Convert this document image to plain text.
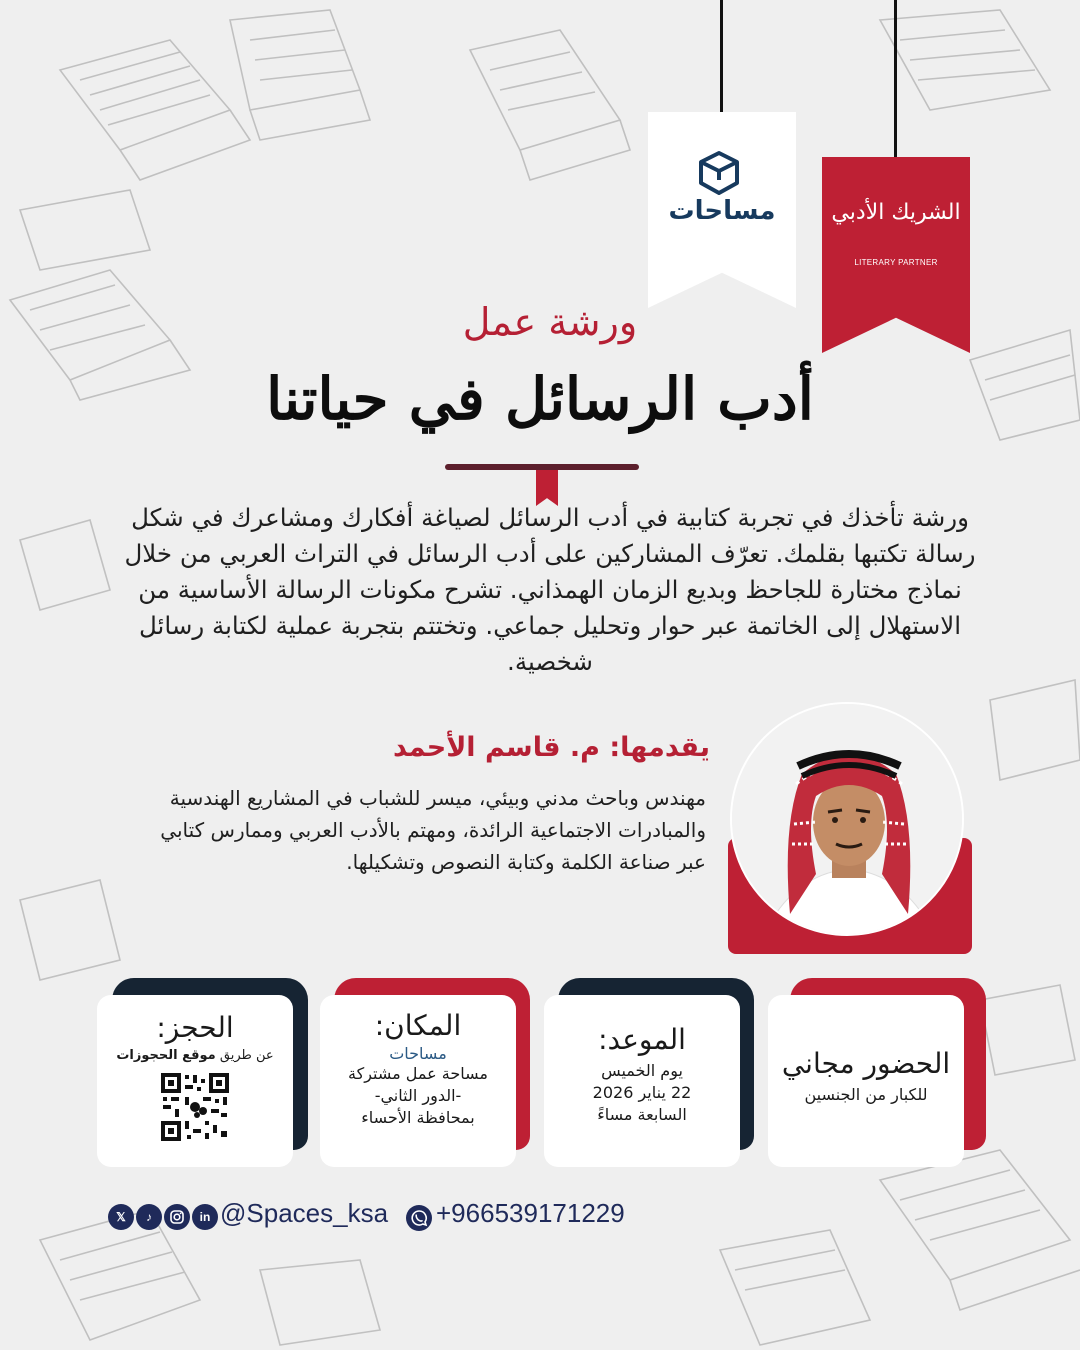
مساحات	الشريك الأدبي
LITERARY PARTNER
ورشة عمل
أدب الرسائل في حياتنا
ورشة تأخذك في تجربة كتابية في أدب الرسائل لصياغة أفكارك ومشاعرك في شكل رسالة تكتبها بقلمك. تعرّف المشاركين على أدب الرسائل في التراث العربي من خلال نماذج مختارة للجاحظ وبديع الزمان الهمذاني. تشرح مكونات الرسالة الأساسية من الاستهلال إلى الخاتمة عبر حوار وتحليل جماعي. وتختتم بتجربة عملية لكتابة رسائل شخصية.
يقدمها: م. قاسم الأحمد
مهندس وباحث مدني وبيئي، ميسر للشباب في المشاريع الهندسية والمبادرات الاجتماعية الرائدة، ومهتم بالأدب العربي وممارس كتابي عبر صناعة الكلمة وكتابة النصوص وتشكيلها.
الحضور مجاني
للكبار من الجنسين
الموعد:
يوم الخميس
22 يناير 2026
السابعة مساءً
المكان:
مساحات
مساحة عمل مشتركة
-الدور الثاني-
بمحافظة الأحساء
الحجز:
عن طريق موقع الحجوزات
𝕏	♪	in @Spaces_ksa +966539171229
